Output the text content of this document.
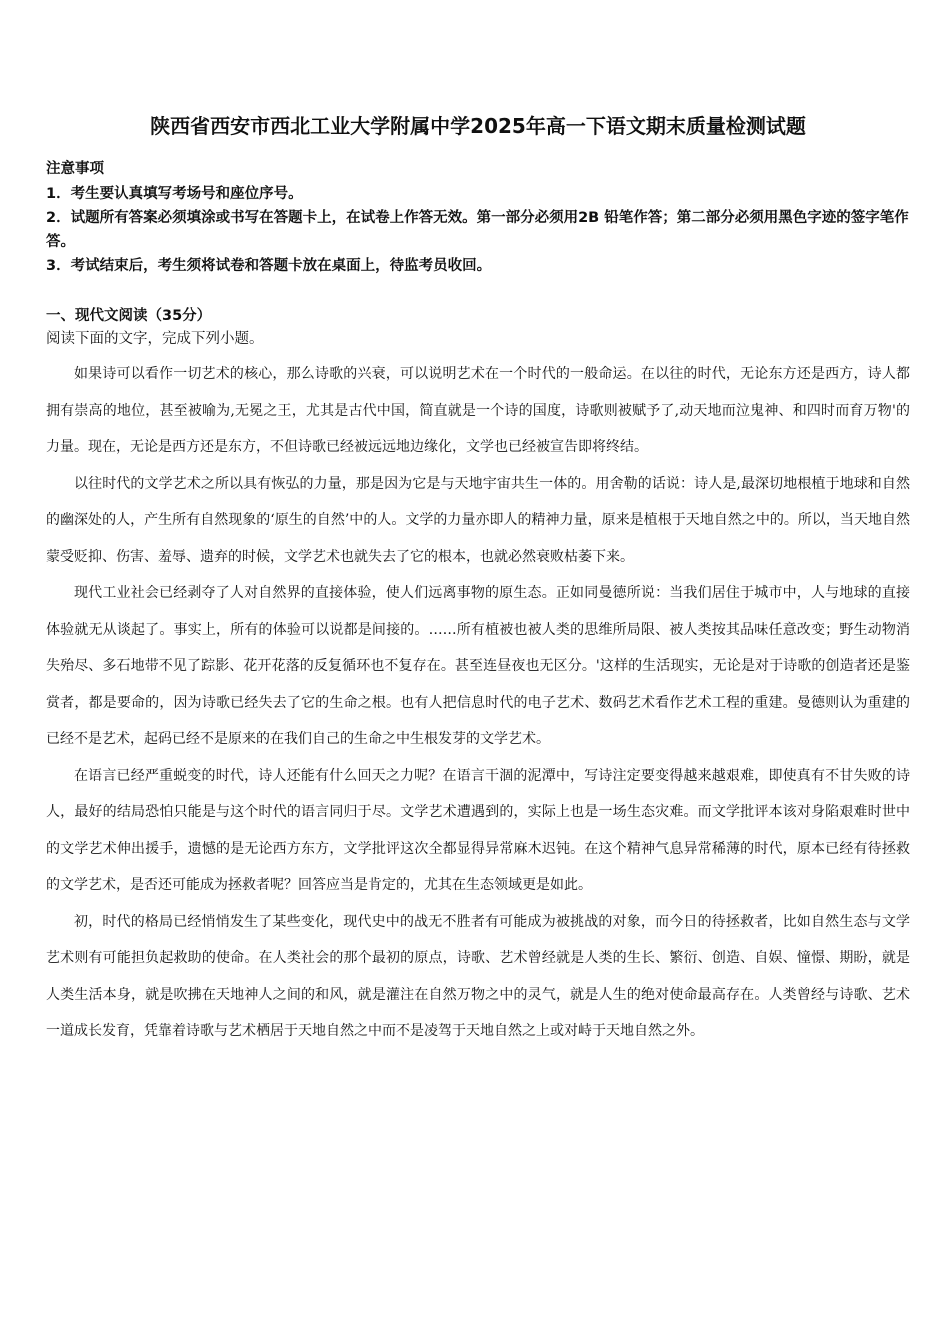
陕西省西安市西北工业大学附属中学2025年高一下语文期末质量检测试题
注意事项

1．考生要认真填写考场号和座位序号。

2．试题所有答案必须填涂或书写在答题卡上，在试卷上作答无效。第一部分必须用2B 铅笔作答；第二部分必须用黑色字迹的签字笔作答。

3．考试结束后，考生须将试卷和答题卡放在桌面上，待监考员收回。

一、现代文阅读（35分）
阅读下面的文字，完成下列小题。

如果诗可以看作一切艺术的核心，那么诗歌的兴衰，可以说明艺术在一个时代的一般命运。在以往的时代，无论东方还是西方，诗人都拥有崇高的地位，甚至被喻为,无冕之王，尤其是古代中国，简直就是一个诗的国度，诗歌则被赋予了,动天地而泣鬼神、和四时而育万物'的力量。现在，无论是西方还是东方，不但诗歌已经被远远地边缘化，文学也已经被宣告即将终结。

以往时代的文学艺术之所以具有恢弘的力量，那是因为它是与天地宇宙共生一体的。用舍勒的话说：诗人是,最深切地根植于地球和自然的幽深处的人，产生所有自然现象的‘原生的自然’中的人。文学的力量亦即人的精神力量，原来是植根于天地自然之中的。所以，当天地自然蒙受贬抑、伤害、羞辱、遗弃的时候，文学艺术也就失去了它的根本，也就必然衰败枯萎下来。

现代工业社会已经剥夺了人对自然界的直接体验，使人们远离事物的原生态。正如同曼德所说：当我们居住于城市中，人与地球的直接体验就无从谈起了。事实上，所有的体验可以说都是间接的。……所有植被也被人类的思维所局限、被人类按其品味任意改变；野生动物消失殆尽、多石地带不见了踪影、花开花落的反复循环也不复存在。甚至连昼夜也无区分。'这样的生活现实，无论是对于诗歌的创造者还是鉴赏者，都是要命的，因为诗歌已经失去了它的生命之根。也有人把信息时代的电子艺术、数码艺术看作艺术工程的重建。曼德则认为重建的已经不是艺术，起码已经不是原来的在我们自己的生命之中生根发芽的文学艺术。

在语言已经严重蜕变的时代，诗人还能有什么回天之力呢？在语言干涸的泥潭中，写诗注定要变得越来越艰难，即使真有不甘失败的诗人，最好的结局恐怕只能是与这个时代的语言同归于尽。文学艺术遭遇到的，实际上也是一场生态灾难。而文学批评本该对身陷艰难时世中的文学艺术伸出援手，遗憾的是无论西方东方，文学批评这次全都显得异常麻木迟钝。在这个精神气息异常稀薄的时代，原本已经有待拯救的文学艺术，是否还可能成为拯救者呢？回答应当是肯定的，尤其在生态领域更是如此。

初，时代的格局已经悄悄发生了某些变化，现代史中的战无不胜者有可能成为被挑战的对象，而今日的待拯救者，比如自然生态与文学艺术则有可能担负起救助的使命。在人类社会的那个最初的原点，诗歌、艺术曾经就是人类的生长、繁衍、创造、自娱、憧憬、期盼，就是人类生活本身，就是吹拂在天地神人之间的和风，就是灌注在自然万物之中的灵气，就是人生的绝对使命最高存在。人类曾经与诗歌、艺术一道成长发育，凭靠着诗歌与艺术栖居于天地自然之中而不是凌驾于天地自然之上或对峙于天地自然之外。
